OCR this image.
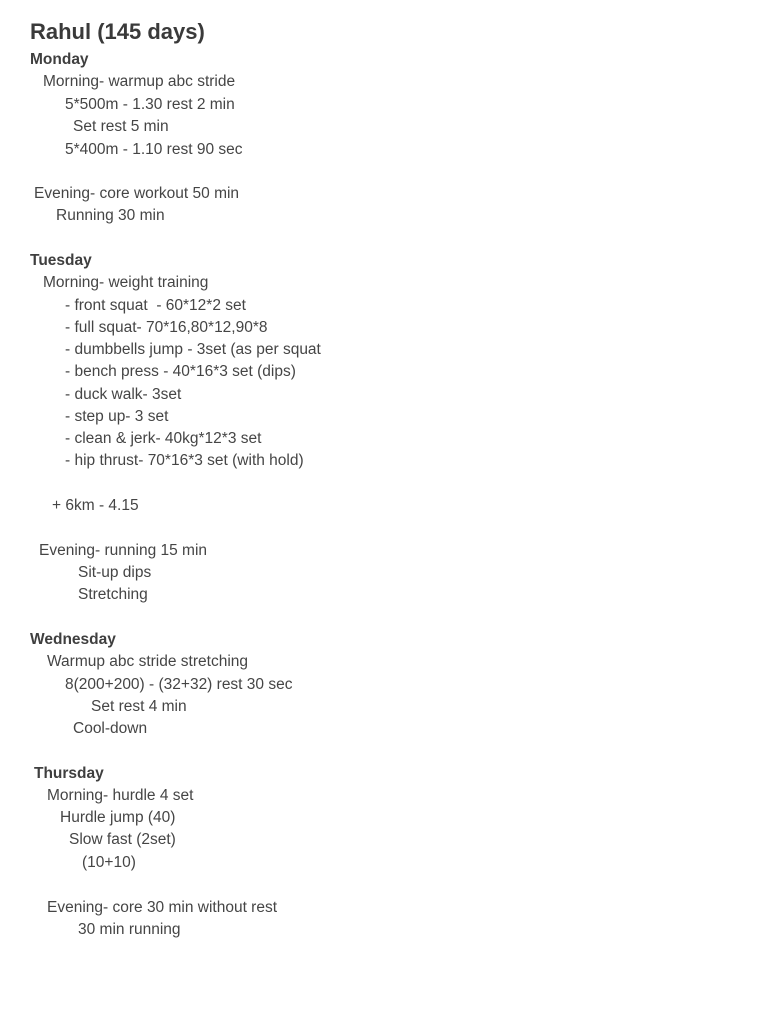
Rahul (145 days)
Monday
Morning- warmup abc stride
5*500m - 1.30 rest 2 min
Set rest 5 min
5*400m - 1.10 rest 90 sec
Evening- core workout 50 min
Running 30 min
Tuesday
Morning- weight training
- front squat  - 60*12*2 set
- full squat- 70*16,80*12,90*8
- dumbbells jump - 3set (as per squat
- bench press - 40*16*3 set (dips)
- duck walk- 3set
- step up- 3 set
- clean & jerk- 40kg*12*3 set
- hip thrust- 70*16*3 set (with hold)
+ 6km - 4.15
Evening- running 15 min
Sit-up dips
Stretching
Wednesday
Warmup abc stride stretching
8(200+200) - (32+32) rest 30 sec
Set rest 4 min
Cool-down
Thursday
Morning- hurdle 4 set
Hurdle jump (40)
Slow fast (2set)
(10+10)
Evening- core 30 min without rest
30 min running
